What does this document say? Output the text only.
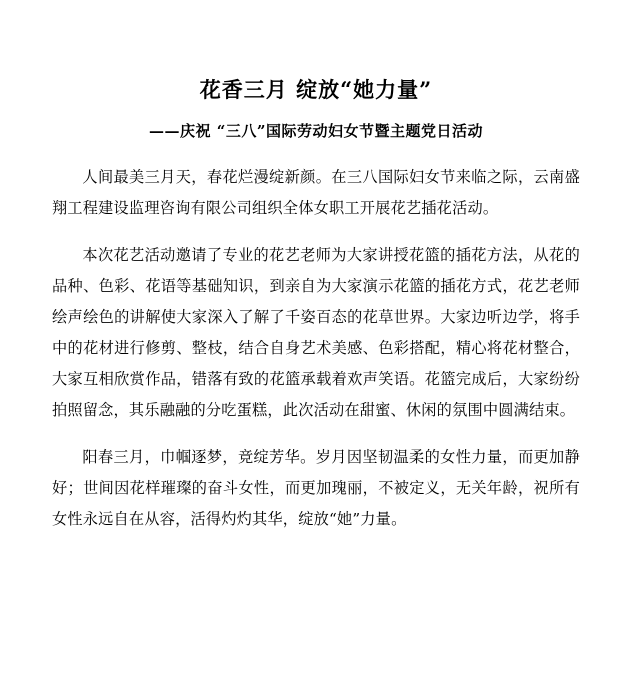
花香三月 绽放“她力量”
——庆祝 “三八”国际劳动妇女节暨主题党日活动

人间最美三月天，春花烂漫绽新颜。在三八国际妇女节来临之际，云南盛翔工程建设监理咨询有限公司组织全体女职工开展花艺插花活动。

本次花艺活动邀请了专业的花艺老师为大家讲授花篮的插花方法，从花的品种、色彩、花语等基础知识，到亲自为大家演示花篮的插花方式，花艺老师绘声绘色的讲解使大家深入了解了千姿百态的花草世界。大家边听边学，将手中的花材进行修剪、整枝，结合自身艺术美感、色彩搭配，精心将花材整合，大家互相欣赏作品，错落有致的花篮承载着欢声笑语。花篮完成后，大家纷纷拍照留念，其乐融融的分吃蛋糕，此次活动在甜蜜、休闲的氛围中圆满结束。

阳春三月，巾帼逐梦，竞绽芳华。岁月因坚韧温柔的女性力量，而更加静好；世间因花样璀璨的奋斗女性，而更加瑰丽，不被定义，无关年龄，祝所有女性永远自在从容，活得灼灼其华，绽放“她”力量。
